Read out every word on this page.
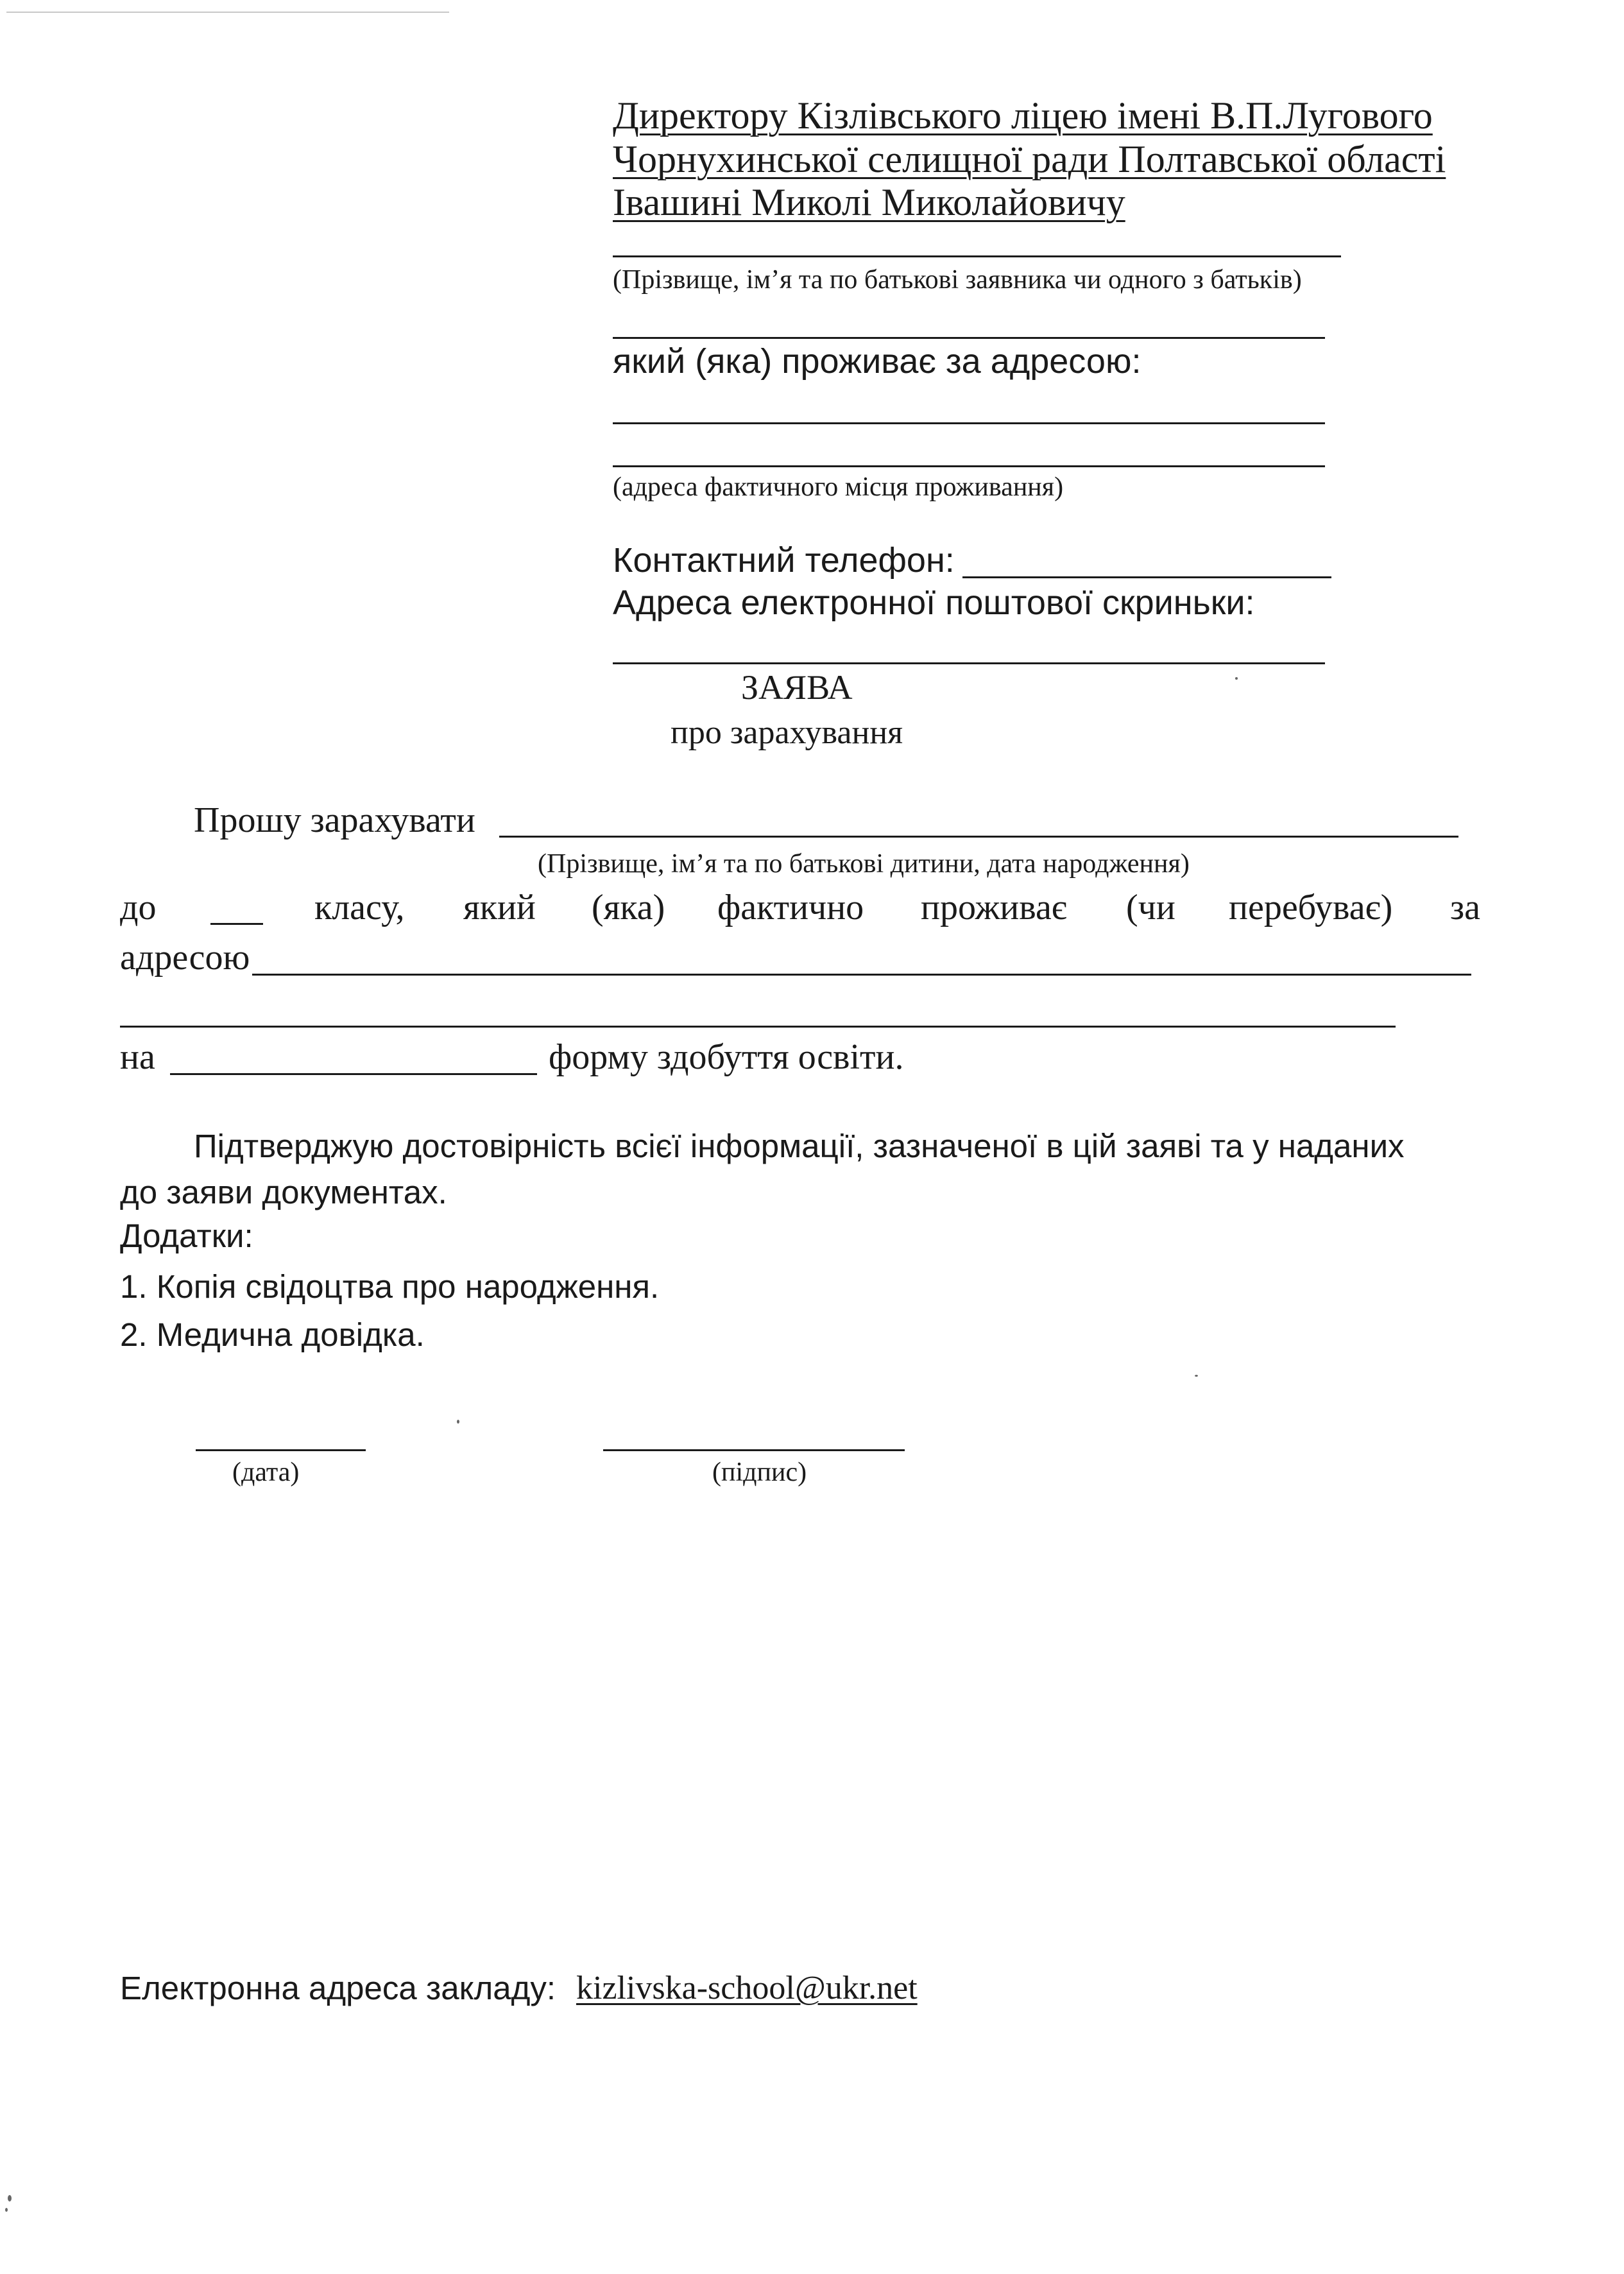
Директору Кізлівського ліцею імені В.П.Лугового
Чорнухинської селищної ради Полтавської області
Івашині Миколі Миколайовичу
(Прізвище, ім’я та по батькові заявника чи одного з батьків)
який (яка) проживає за адресою:
(адреса фактичного місця проживання)
Контактний телефон:
Адреса електронної поштової скриньки:
ЗАЯВА
про зарахування
Прошу зарахувати
(Прізвище, ім’я та по батькові дитини, дата народження)
до	класу, який (яка) фактично проживає (чи перебуває) за
адресою
на	форму здобуття освіти.
Підтверджую достовірність всієї інформації, зазначеної в цій заяві та у наданих
до заяви документах.
Додатки:
1. Копія свідоцтва про народження.
2. Медична довідка.
(дата)	(підпис)
Електронна адреса закладу: kizlivska-school@ukr.net
